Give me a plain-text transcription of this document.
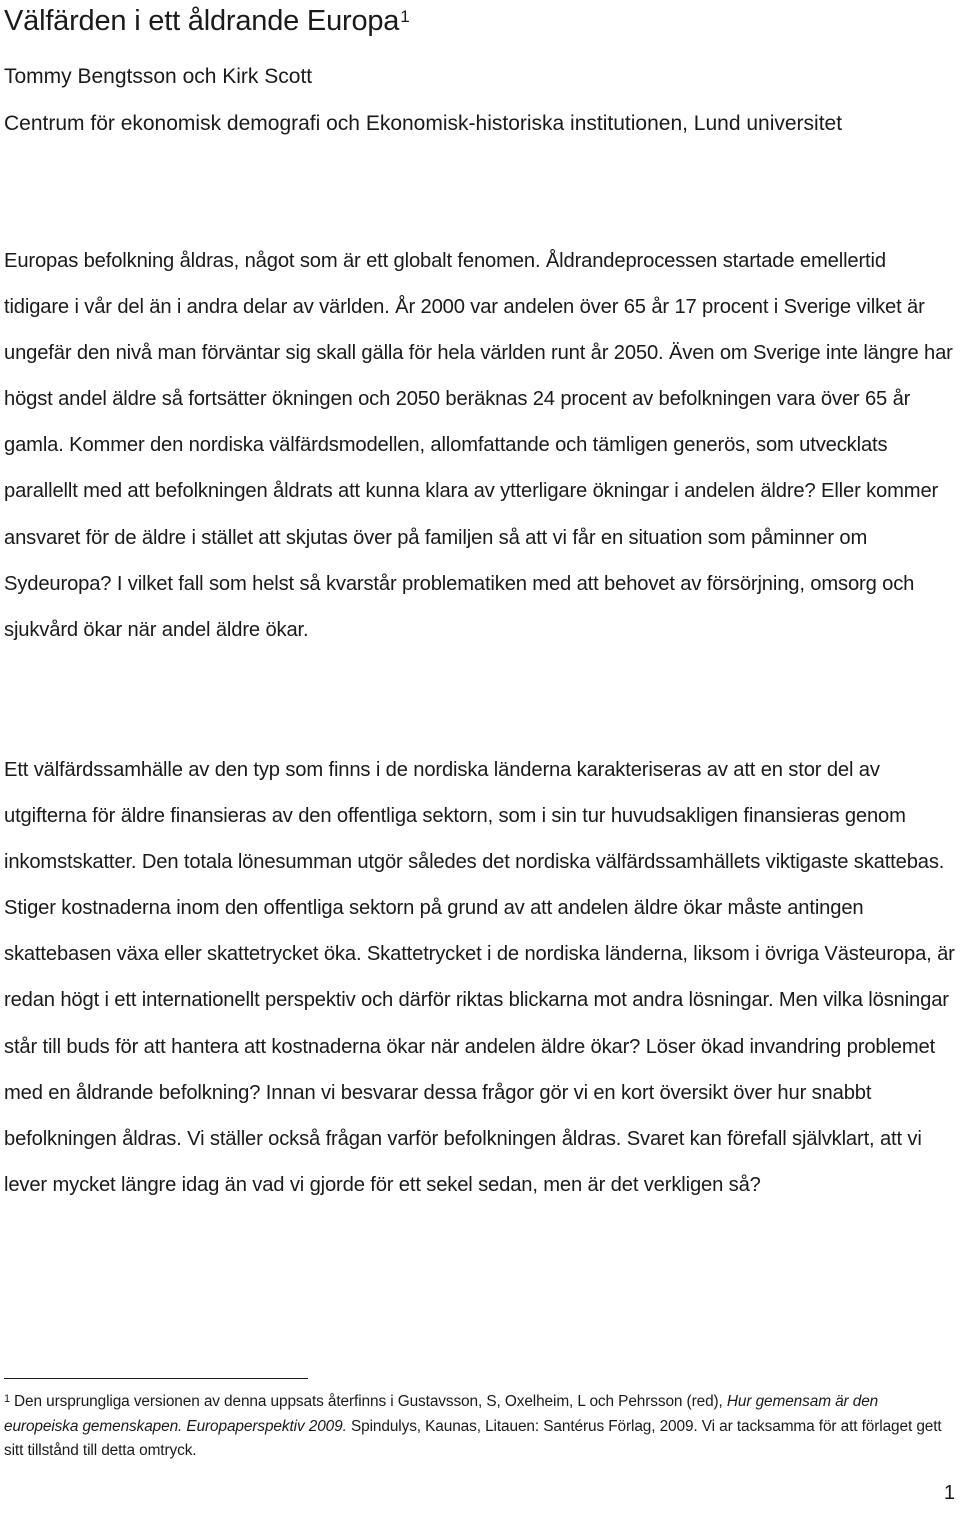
Välfärden i ett åldrande Europa$^1$
Tommy Bengtsson och Kirk Scott
Centrum för ekonomisk demografi och Ekonomisk-historiska institutionen, Lund universitet

Europas befolkning åldras, något som är ett globalt fenomen. Åldrandeprocessen startade emellertid tidigare i vår del än i andra delar av världen. År 2000 var andelen över 65 år 17 procent i Sverige vilket är ungefär den nivå man förväntar sig skall gälla för hela världen runt år 2050. Även om Sverige inte längre har högst andel äldre så fortsätter ökningen och 2050 beräknas 24 procent av befolkningen vara över 65 år gamla. Kommer den nordiska välfärdsmodellen, allomfattande och tämligen generös, som utvecklats parallellt med att befolkningen åldrats att kunna klara av ytterligare ökningar i andelen äldre? Eller kommer ansvaret för de äldre i stället att skjutas över på familjen så att vi får en situation som påminner om Sydeuropa? I vilket fall som helst så kvarstår problematiken med att behovet av försörjning, omsorg och sjukvård ökar när andel äldre ökar.

Ett välfärdssamhälle av den typ som finns i de nordiska länderna karakteriseras av att en stor del av utgifterna för äldre finansieras av den offentliga sektorn, som i sin tur huvudsakligen finansieras genom inkomstskatter. Den totala lönesumman utgör således det nordiska välfärdssamhällets viktigaste skattebas. Stiger kostnaderna inom den offentliga sektorn på grund av att andelen äldre ökar måste antingen skattebasen växa eller skattetrycket öka. Skattetrycket i de nordiska länderna, liksom i övriga Västeuropa, är redan högt i ett internationellt perspektiv och därför riktas blickarna mot andra lösningar. Men vilka lösningar står till buds för att hantera att kostnaderna ökar när andelen äldre ökar? Löser ökad invandring problemet med en åldrande befolkning? Innan vi besvarar dessa frågor gör vi en kort översikt över hur snabbt befolkningen åldras. Vi ställer också frågan varför befolkningen åldras. Svaret kan förefall självklart, att vi lever mycket längre idag än vad vi gjorde för ett sekel sedan, men är det verkligen så?

$^1$ Den ursprungliga versionen av denna uppsats återfinns i Gustavsson, S, Oxelheim, L och Pehrsson (red), Hur gemensam är den europeiska gemenskapen. Europaperspektiv 2009. Spindulys, Kaunas, Litauen: Santérus Förlag, 2009. Vi ar tacksamma för att förlaget gett sitt tillstånd till detta omtryck.

1
